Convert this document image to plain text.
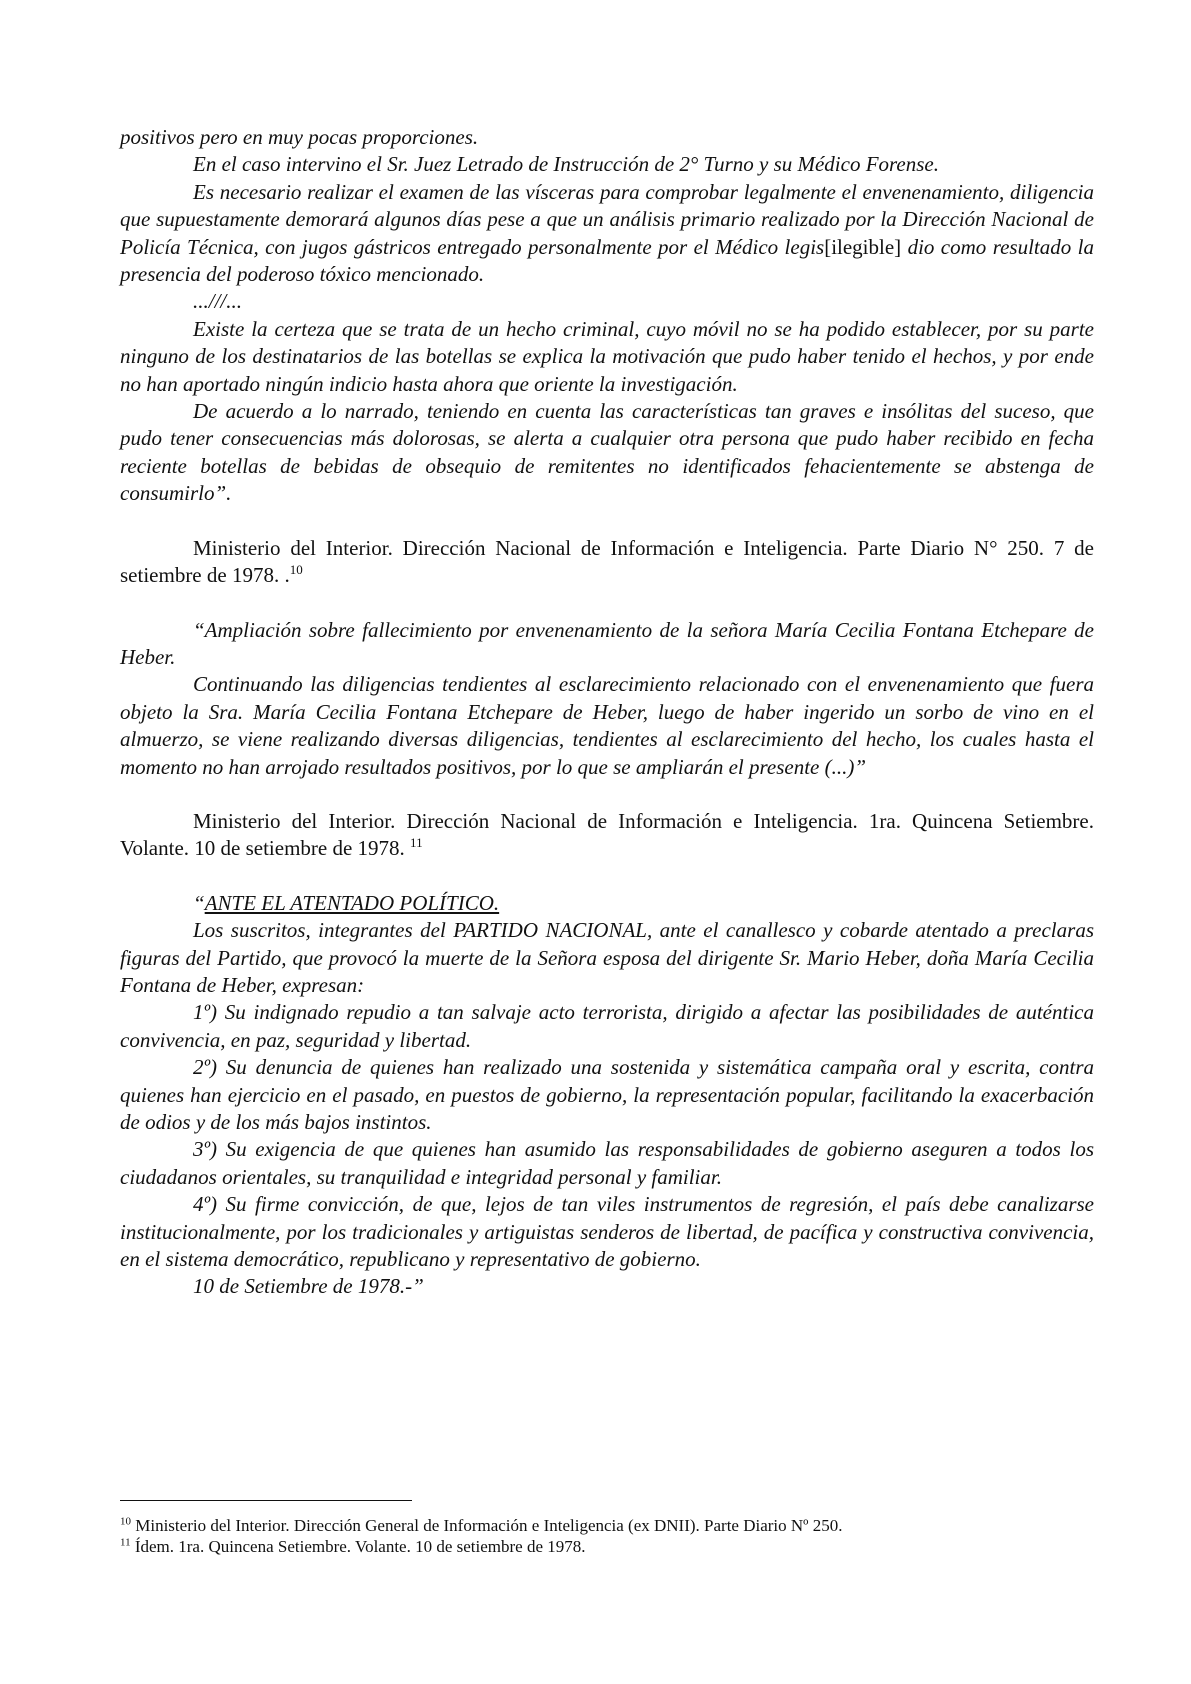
positivos pero en muy pocas proporciones.

En el caso intervino el Sr. Juez Letrado de Instrucción de 2° Turno y su Médico Forense.

Es necesario realizar el examen de las vísceras para comprobar legalmente el envenenamiento, diligencia que supuestamente demorará algunos días pese a que un análisis primario realizado por la Dirección Nacional de Policía Técnica, con jugos gástricos entregado personalmente por el Médico legis[ilegible] dio como resultado la presencia del poderoso tóxico mencionado.

...///...

Existe la certeza que se trata de un hecho criminal, cuyo móvil no se ha podido establecer, por su parte ninguno de los destinatarios de las botellas se explica la motivación que pudo haber tenido el hechos, y por ende no han aportado ningún indicio hasta ahora que oriente la investigación.

De acuerdo a lo narrado, teniendo en cuenta las características tan graves e insólitas del suceso, que pudo tener consecuencias más dolorosas, se alerta a cualquier otra persona que pudo haber recibido en fecha reciente botellas de bebidas de obsequio de remitentes no identificados fehacientemente se abstenga de consumirlo”.

Ministerio del Interior. Dirección Nacional de Información e Inteligencia. Parte Diario N° 250. 7 de setiembre de 1978. .$^{10}$

“Ampliación sobre fallecimiento por envenenamiento de la señora María Cecilia Fontana Etchepare de Heber.

Continuando las diligencias tendientes al esclarecimiento relacionado con el envenenamiento que fuera objeto la Sra. María Cecilia Fontana Etchepare de Heber, luego de haber ingerido un sorbo de vino en el almuerzo, se viene realizando diversas diligencias, tendientes al esclarecimiento del hecho, los cuales hasta el momento no han arrojado resultados positivos, por lo que se ampliarán el presente (...)”

Ministerio del Interior. Dirección Nacional de Información e Inteligencia. 1ra. Quincena Setiembre. Volante. 10 de setiembre de 1978. $^{11}$

“ANTE EL ATENTADO POLÍTICO.

Los suscritos, integrantes del PARTIDO NACIONAL, ante el canallesco y cobarde atentado a preclaras figuras del Partido, que provocó la muerte de la Señora esposa del dirigente Sr. Mario Heber, doña María Cecilia Fontana de Heber, expresan:

1º) Su indignado repudio a tan salvaje acto terrorista, dirigido a afectar las posibilidades de auténtica convivencia, en paz, seguridad y libertad.

2º) Su denuncia de quienes han realizado una sostenida y sistemática campaña oral y escrita, contra quienes han ejercicio en el pasado, en puestos de gobierno, la representación popular, facilitando la exacerbación de odios y de los más bajos instintos.

3º) Su exigencia de que quienes han asumido las responsabilidades de gobierno aseguren a todos los ciudadanos orientales, su tranquilidad e integridad personal y familiar.

4º) Su firme convicción, de que, lejos de tan viles instrumentos de regresión, el país debe canalizarse institucionalmente, por los tradicionales y artiguistas senderos de libertad, de pacífica y constructiva convivencia, en el sistema democrático, republicano y representativo de gobierno.

10 de Setiembre de 1978.-”

$^{10}$ Ministerio del Interior. Dirección General de Información e Inteligencia (ex DNII). Parte Diario Nº 250.

$^{11}$ Ídem. 1ra. Quincena Setiembre. Volante. 10 de setiembre de 1978.
